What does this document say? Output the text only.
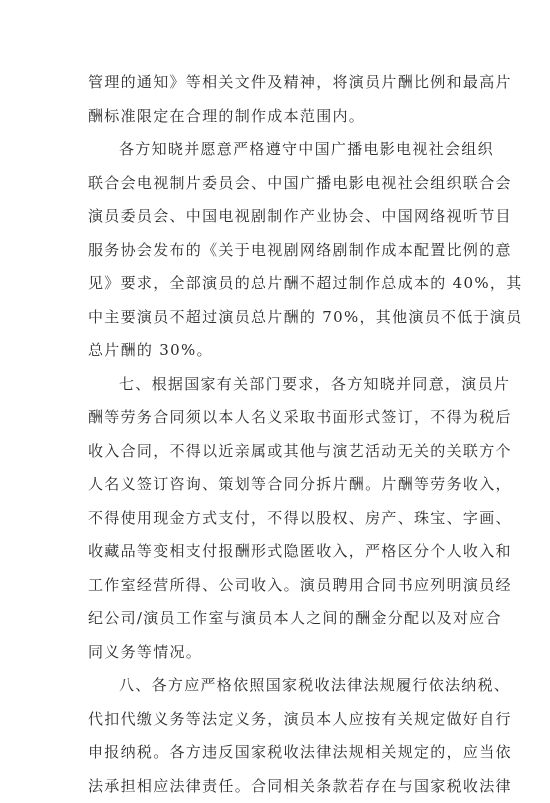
管理的通知》等相关文件及精神，将演员片酬比例和最高片
酬标准限定在合理的制作成本范围内。
各方知晓并愿意严格遵守中国广播电影电视社会组织
联合会电视制片委员会、中国广播电影电视社会组织联合会
演员委员会、中国电视剧制作产业协会、中国网络视听节目
服务协会发布的《关于电视剧网络剧制作成本配置比例的意
见》要求，全部演员的总片酬不超过制作总成本的 40%，其
中主要演员不超过演员总片酬的 70%，其他演员不低于演员
总片酬的 30%。
七、根据国家有关部门要求，各方知晓并同意，演员片
酬等劳务合同须以本人名义采取书面形式签订，不得为税后
收入合同，不得以近亲属或其他与演艺活动无关的关联方个
人名义签订咨询、策划等合同分拆片酬。片酬等劳务收入，
不得使用现金方式支付，不得以股权、房产、珠宝、字画、
收藏品等变相支付报酬形式隐匿收入，严格区分个人收入和
工作室经营所得、公司收入。演员聘用合同书应列明演员经
纪公司/演员工作室与演员本人之间的酬金分配以及对应合
同义务等情况。
八、各方应严格依照国家税收法律法规履行依法纳税、
代扣代缴义务等法定义务，演员本人应按有关规定做好自行
申报纳税。各方违反国家税收法律法规相关规定的，应当依
法承担相应法律责任。合同相关条款若存在与国家税收法律
